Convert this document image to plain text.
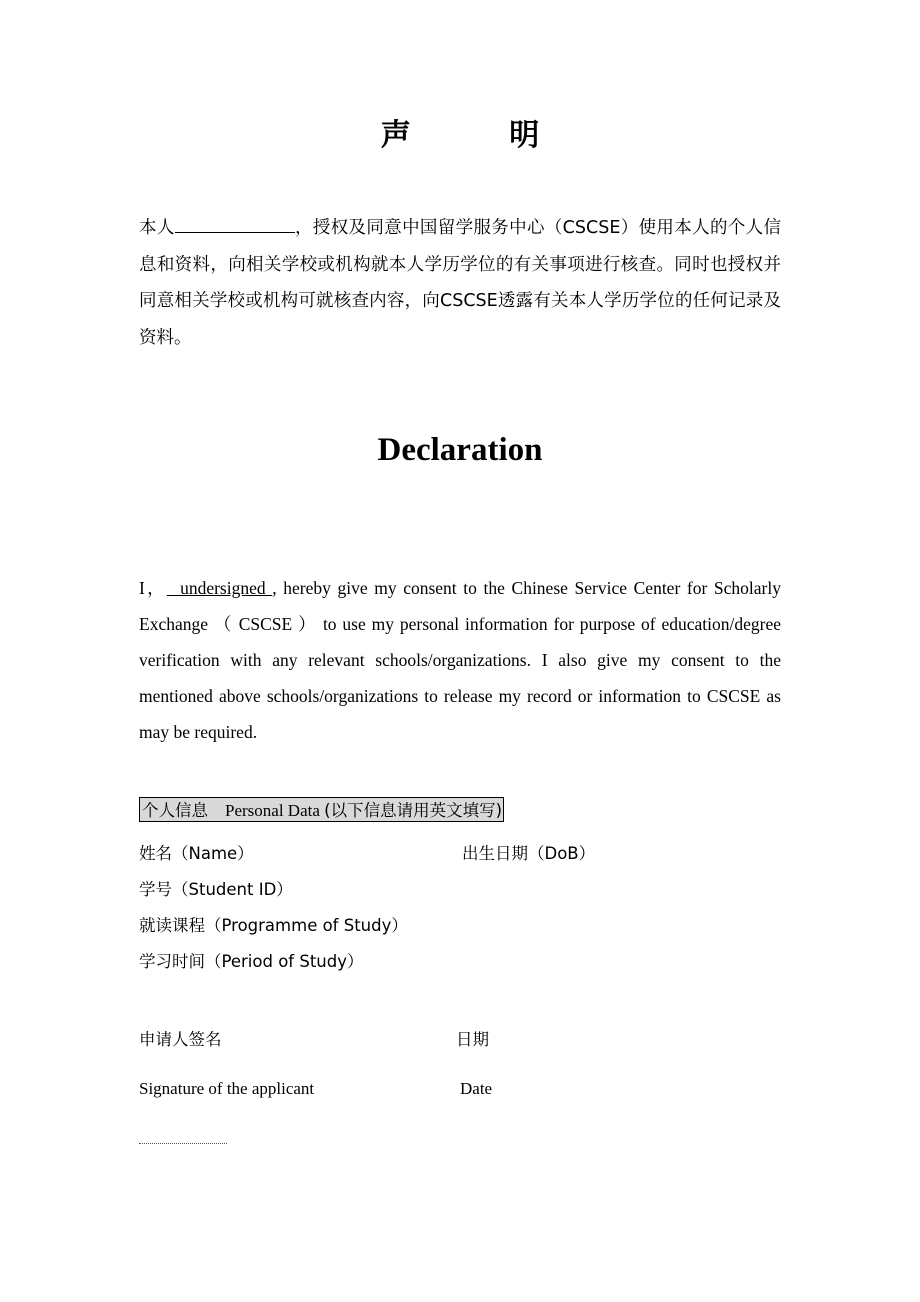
声 明
本人	，授权及同意中国留学服务中心（CSCSE）使用本人的个人信息和资料，向相关学校或机构就本人学历学位的有关事项进行核查。同时也授权并同意相关学校或机构可就核查内容，向CSCSE透露有关本人学历学位的任何记录及资料。
Declaration
I，  undersigned , hereby give my consent to the Chinese Service Center for Scholarly Exchange （ CSCSE ） to use my personal information for purpose of education/degree verification with any relevant schools/organizations. I also give my consent to the mentioned above schools/organizations to release my record or information to CSCSE as may be required.
个人信息 Personal Data (以下信息请用英文填写)
姓名（Name）	出生日期（DoB）
学号（Student ID）
就读课程（Programme of Study）
学习时间（Period of Study）
申请人签名	日期
Signature of the applicant	Date
